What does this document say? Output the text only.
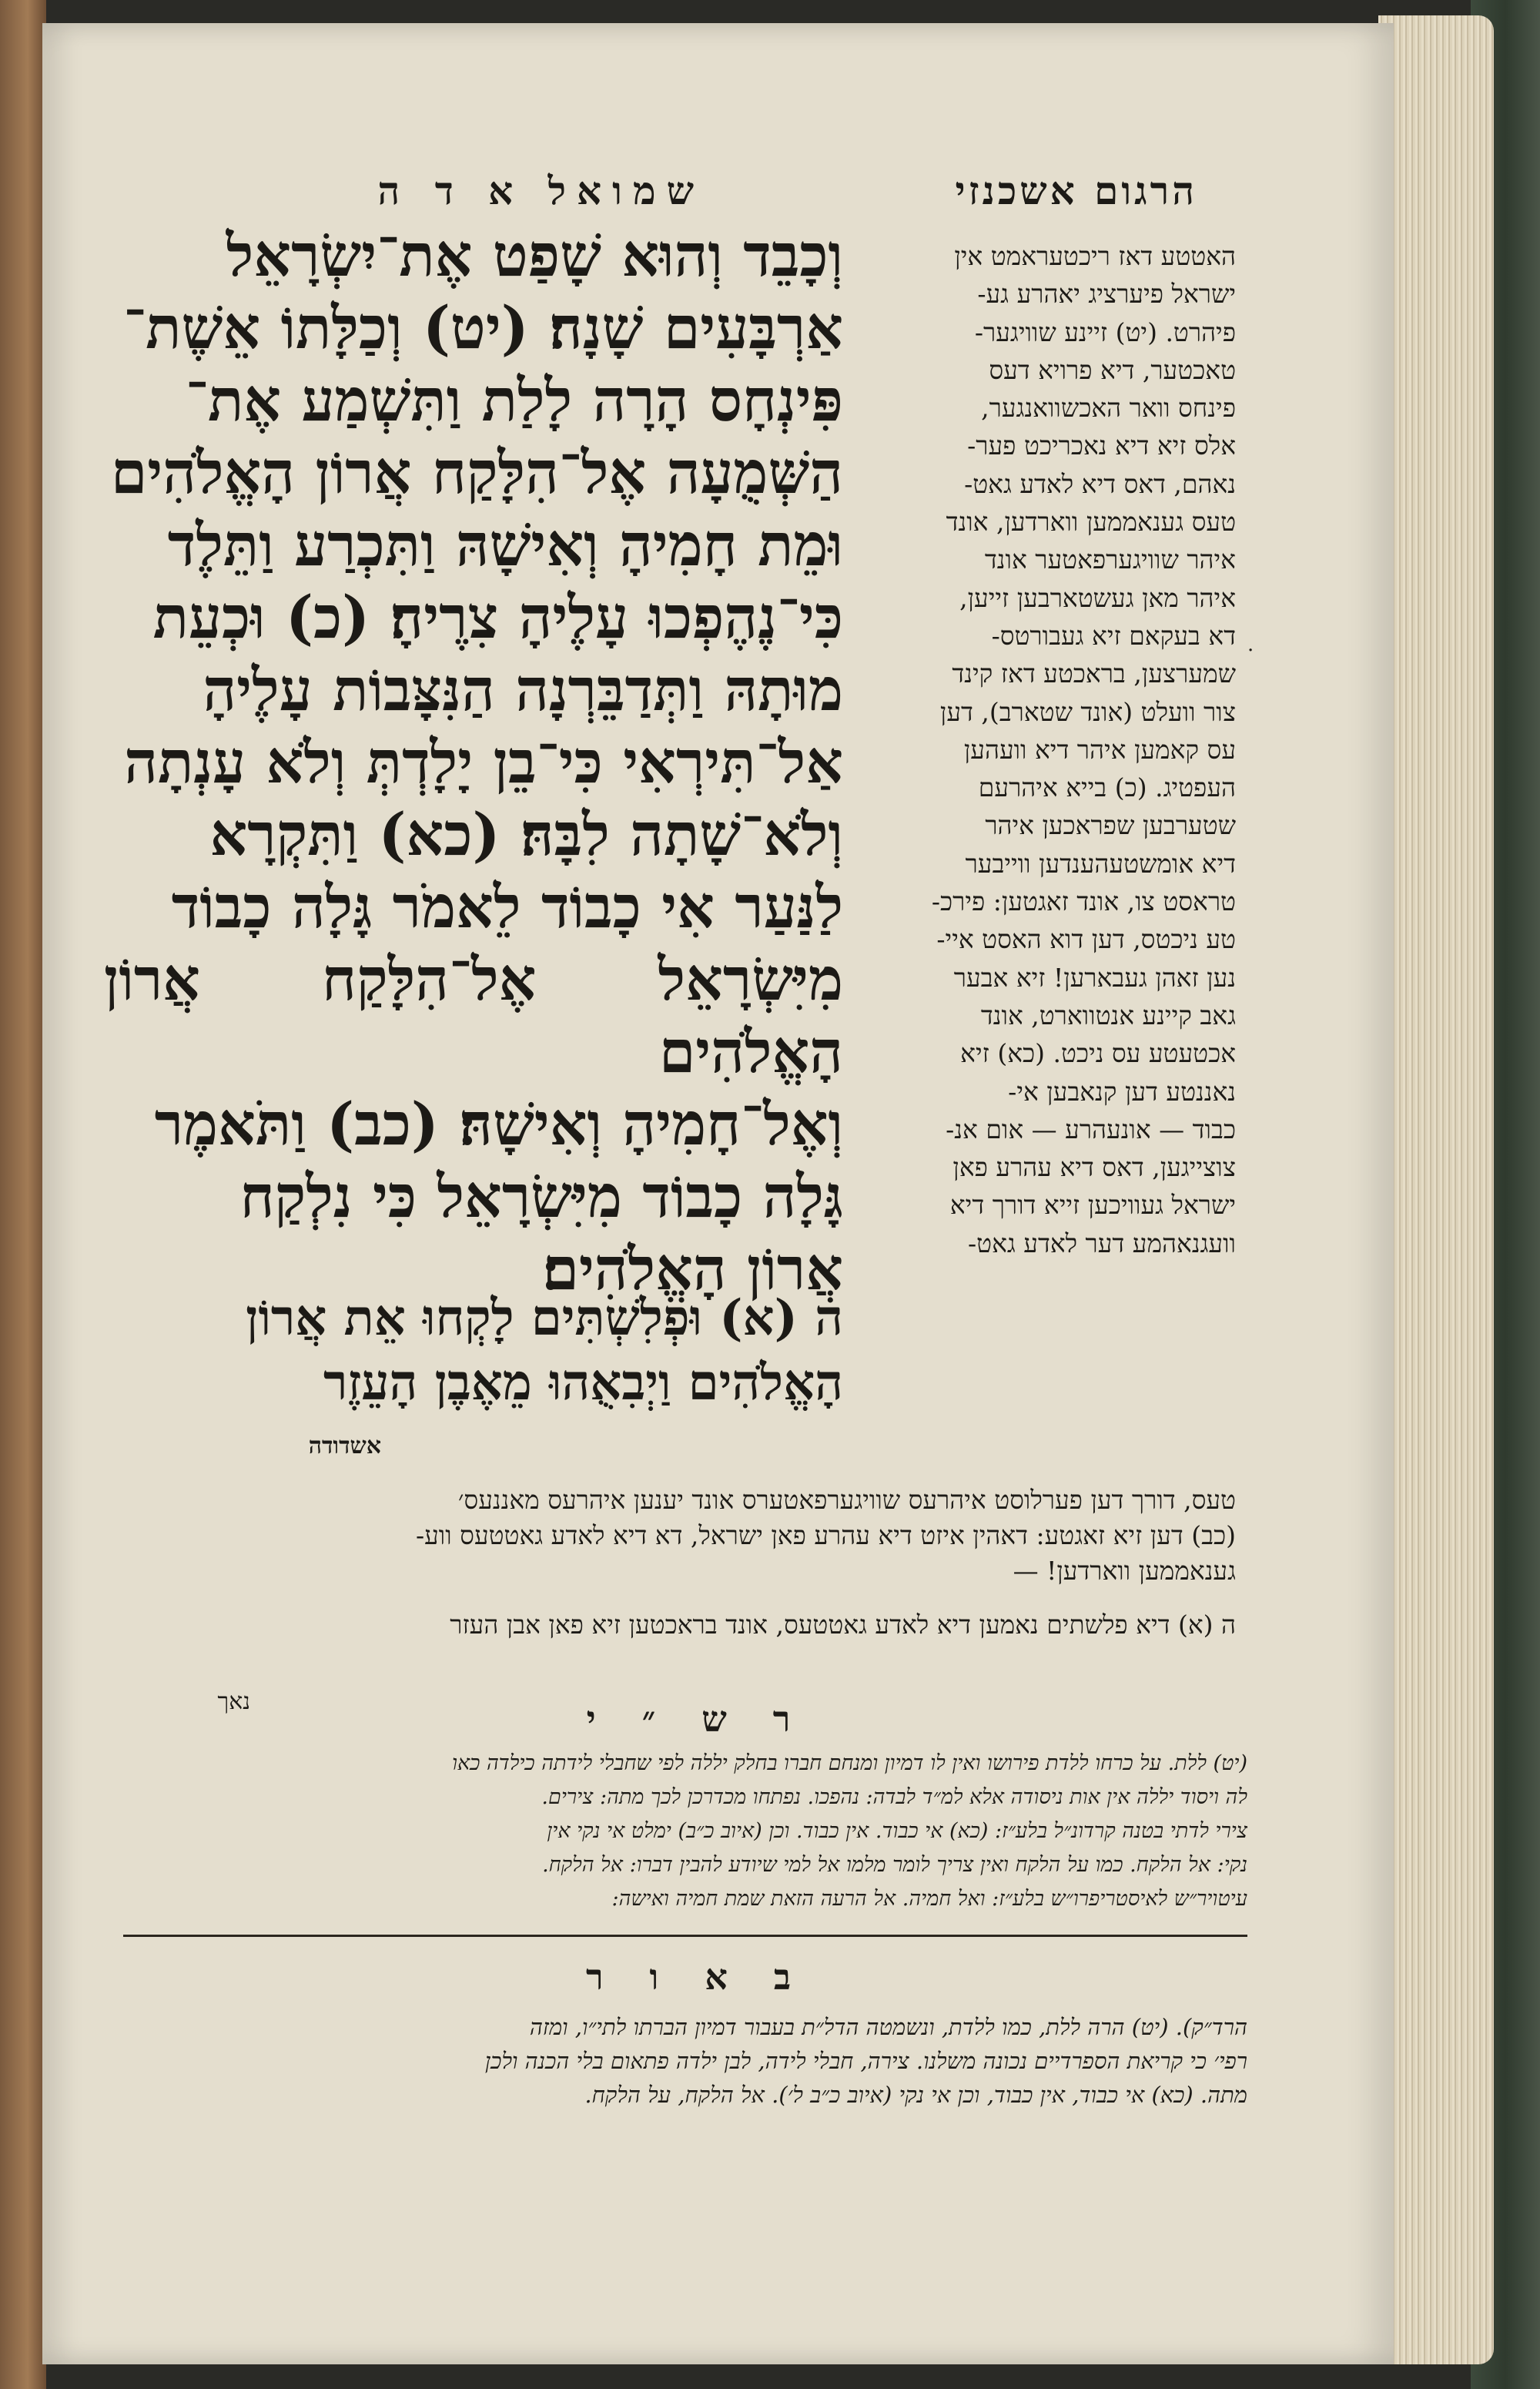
הרגום אשכנזי
שמואל א ד ה

וְכָבֵד וְהוּא שָׁפַט אֶת־יִשְׂרָאֵל

אַרְבָּעִים שָׁנָה׃ (יט) וְכַלָּתוֹ אֵשֶׁת־

פִּינְחָס הָרָה לָלַת וַתִּשְׁמַע אֶת־

הַשְּׁמֻעָה אֶל־הִלָּקַח אֲרוֹן הָאֱלֹהִים

וּמֵת חָמִיהָ וְאִישָׁהּ וַתִּכְרַע וַתֵּלֶד

כִּי־נֶהֶפְכוּ עָלֶיהָ צִרֶיהָ׃ (כ) וּכְעֵת

מוּתָהּ וַתְּדַבֵּרְנָה הַנִּצָּבוֹת עָלֶיהָ

אַל־תִּירְאִי כִּי־בֵן יָלָדְתְּ וְלֹא עָנְתָה

וְלֹא־שָׁתָה לִבָּהּ׃ (כא) וַתִּקְרָא

לַנַּעַר אִי כָבוֹד לֵאמֹר גָּלָה כָבוֹד

מִיִּשְׂרָאֵל אֶל־הִלָּקַח אֲרוֹן הָאֱלֹהִים

וְאֶל־חָמִיהָ וְאִישָׁהּ׃ (כב) וַתֹּאמֶר

גָּלָה כָבוֹד מִיִּשְׂרָאֵל כִּי נִלְקַח

אֲרוֹן הָאֱלֹהִים׃

ה (א) וּפְלִשְׁתִּים לָקְחוּ אֵת אֲרוֹן

הָאֱלֹהִים וַיְבִאֻהוּ מֵאֶבֶן הָעֵזֶר

אשדודה
האטטע דאז ריכטעראמט אין
ישראל פיערציג יאהרע גע-
פיהרט. (יט) זיינע שוויגער-
טאכטער, דיא פרויא דעס
פינחס וואר האכשוואנגער,
אלס זיא דיא נאכריכט פער-
נאהם, דאס דיא לאדע גאט-
טעס גענאממען ווארדען, אונד
איהר שוויגערפאטער אונד
איהר מאן געשטארבען זייען,
דא בעקאם זיא געבורטס-
שמערצען, בראכטע דאז קינד
צור וועלט (אונד שטארב), דען
עס קאמען איהר דיא וועהען
העפטיג. (כ) בייא איהרעם
שטערבען שפראכען איהר
דיא אומשטעהענדען ווייבער
טראסט צו, אונד זאגטען: פירכ-
טע ניכטס, דען דוא האסט איי-
נען זאהן געבארען! זיא אבער
גאב קיינע אנטווארט, אונד
אכטעטע עס ניכט. (כא) זיא
נאננטע דען קנאבען אי-
כבוד — אונעהרע — אום אנ-
צוצייגען, דאס דיא עהרע פאן
ישראל געוויכען זייא דורך דיא
וועגנאהמע דער לאדע גאט-
·
טעס, דורך דען פערלוסט איהרעס שוויגערפאטערס אונד יענען איהרעס מאננעס׳
(כב) דען זיא זאגטע: דאהין איזט דיא עהרע פאן ישראל, דא דיא לאדע גאטטעס ווע-
גענאממען ווארדען! —
ה (א) דיא פלשתים נאמען דיא לאדע גאטטעס, אונד בראכטען זיא פאן אבן העזר
נאך	ר ש ״ י
(יט) ללת. על כרחו ללדת פירושו ואין לו דמיון ומנחם חברו בחלק יללה לפי שחבלי לידתה כילדה כאו
לה ויסוד יללה אין אות ניסודה אלא למ״ד לבדה: נהפכו. נפתחו מכדרכן לכך מתה: צירים.
צירי לדתי בטנה קרדונ״ל בלע״ז: (כא) אי כבוד. אין כבוד. וכן (איוב כ״ב) ימלט אי נקי אין
נקי: אל הלקח. כמו על הלקח ואין צריך לומר מלמו אל למי שיודע להבין דברו: אל הלקח.
עיטויר״ש לאיסטריפרו״ש בלע״ז: ואל חמיה. אל הרעה הזאת שמת חמיה ואישה:
ב א ו ר
הרד״ק). (יט) הרה ללת, כמו ללדת, ונשמטה הדל״ת בעבור דמיון הברתו לתי״ו, ומזה
רפי׳ כי קריאת הספרדיים נכונה משלנו. צירה, חבלי לידה, לבן ילדה פתאום בלי הכנה ולכן
מתה. (כא) אי כבוד, אין כבוד, וכן אי נקי (איוב כ״ב ל׳). אל הלקח, על הלקח.
